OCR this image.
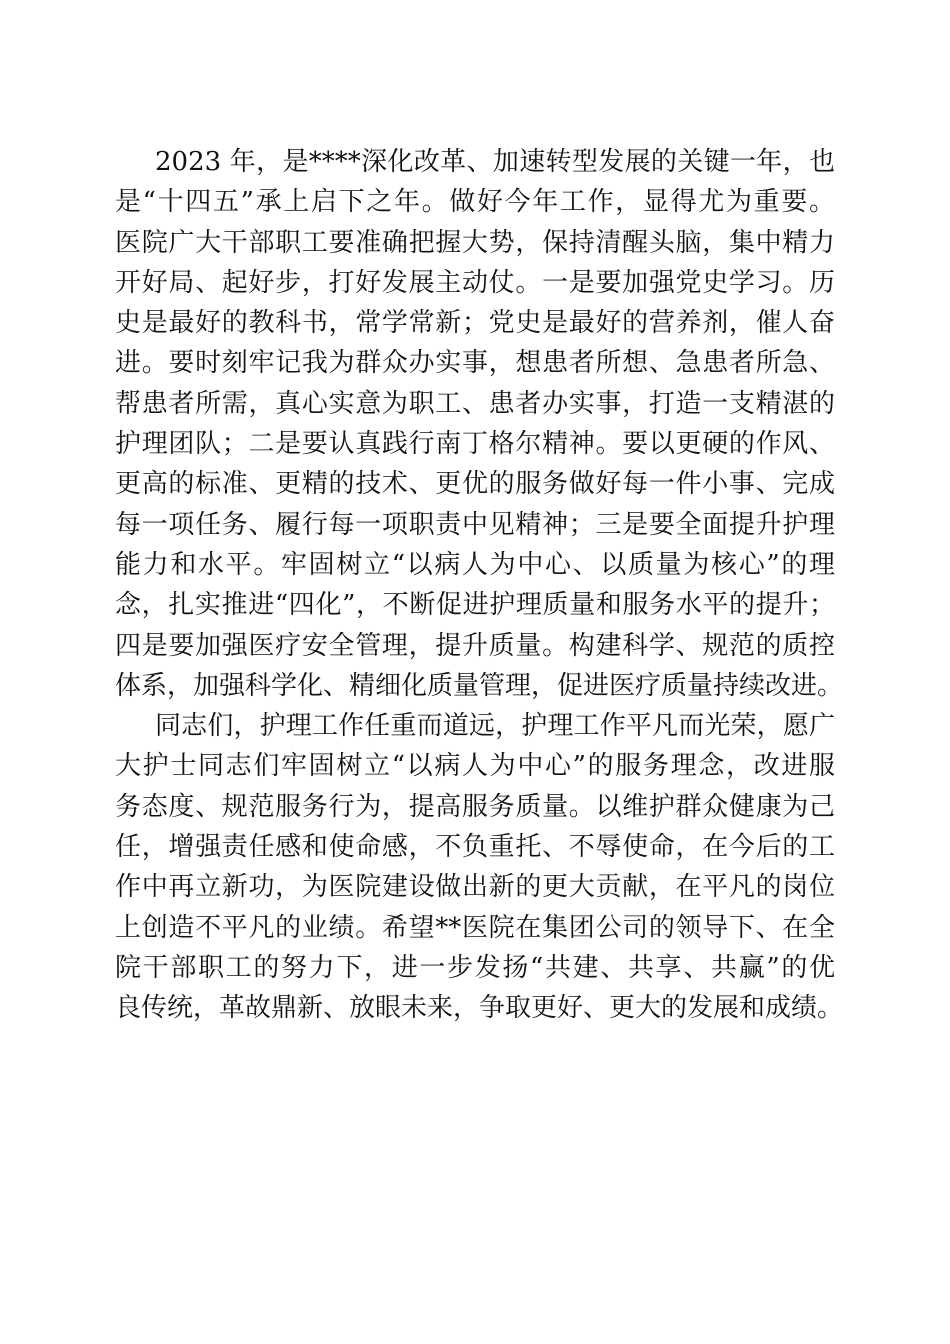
2023 年，是****深化改革、加速转型发展的关键一年，也
是“十四五”承上启下之年。做好今年工作，显得尤为重要。
医院广大干部职工要准确把握大势，保持清醒头脑，集中精力
开好局、起好步，打好发展主动仗。一是要加强党史学习。历
史是最好的教科书，常学常新；党史是最好的营养剂，催人奋
进。要时刻牢记我为群众办实事，想患者所想、急患者所急、
帮患者所需，真心实意为职工、患者办实事，打造一支精湛的
护理团队；二是要认真践行南丁格尔精神。要以更硬的作风、
更高的标准、更精的技术、更优的服务做好每一件小事、完成
每一项任务、履行每一项职责中见精神；三是要全面提升护理
能力和水平。牢固树立“以病人为中心、以质量为核心”的理
念，扎实推进“四化”，不断促进护理质量和服务水平的提升；
四是要加强医疗安全管理，提升质量。构建科学、规范的质控
体系，加强科学化、精细化质量管理，促进医疗质量持续改进。
同志们，护理工作任重而道远，护理工作平凡而光荣，愿广
大护士同志们牢固树立“以病人为中心”的服务理念，改进服
务态度、规范服务行为，提高服务质量。以维护群众健康为己
任，增强责任感和使命感，不负重托、不辱使命，在今后的工
作中再立新功，为医院建设做出新的更大贡献，在平凡的岗位
上创造不平凡的业绩。希望**医院在集团公司的领导下、在全
院干部职工的努力下，进一步发扬“共建、共享、共赢”的优
良传统，革故鼎新、放眼未来，争取更好、更大的发展和成绩。
